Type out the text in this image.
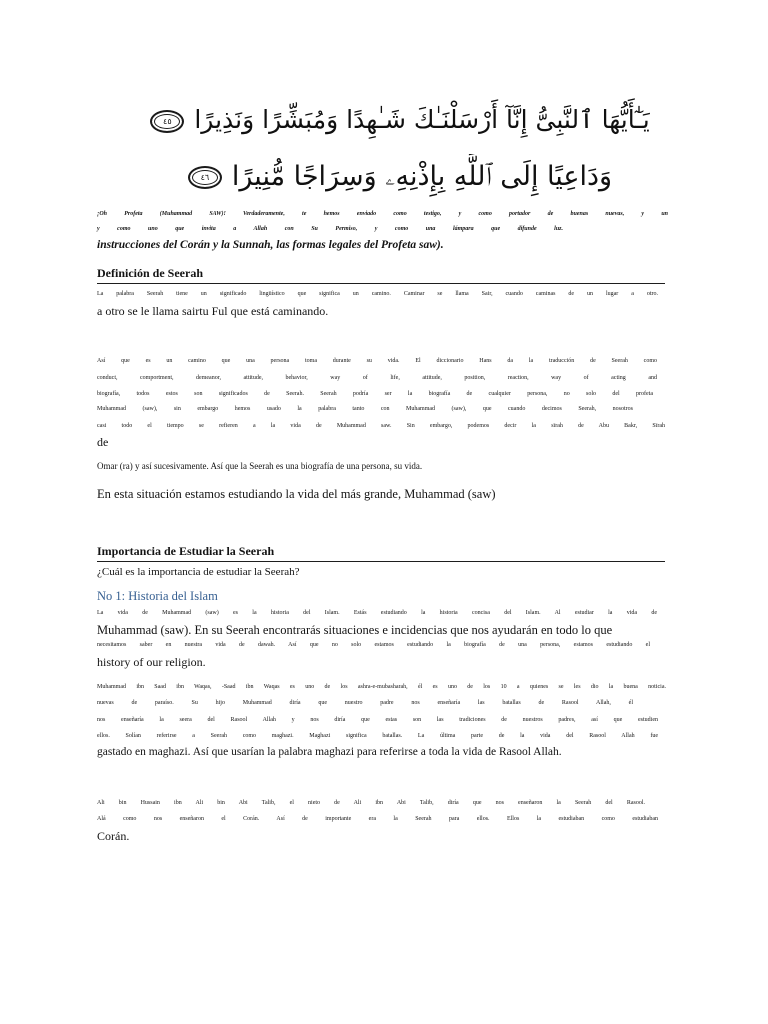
يَـٰٓأَيُّهَا ٱلنَّبِىُّ إِنَّآ أَرْسَلْنَـٰكَ شَـٰهِدًا وَمُبَشِّرًا وَنَذِيرًا٤٥
وَدَاعِيًا إِلَى ٱللَّهِ بِإِذْنِهِۦ وَسِرَاجًا مُّنِيرًا٤٦
¡Oh Profeta (Muhammad SAW)! Verdaderamente, te hemos enviado como testigo, y como portador de buenas nuevas, y un
y como uno que invita a Allah con Su Permiso, y como una lámpara que difunde luz.
instrucciones del Corán y la Sunnah, las formas legales del Profeta saw).
Definición de Seerah
La palabra Seerah tiene un significado lingüístico que significa un camino. Caminar se llama Sair, cuando caminas de un lugar a otro.
a otro se le llama sairtu Ful que está caminando.
Así que es un camino que una persona toma durante su vida. El diccionario Hans da la traducción de Seerah como
conduct, comportment, demeanor, attitude, behavior, way of life, attitude, position, reaction, way of acting and
biografía, todos estos son significados de Seerah. Seerah podría ser la biografía de cualquier persona, no solo del profeta
Muhammad (saw), sin embargo hemos usado la palabra tanto con Muhammad (saw), que cuando decimos Seerah, nosotros
casi todo el tiempo se refieren a la vida de Muhammad saw. Sin embargo, podemos decir la sīrah de Abu Bakr, Sīrah
de
Omar (ra) y así sucesivamente. Así que la Seerah es una biografía de una persona, su vida.
En esta situación estamos estudiando la vida del más grande, Muhammad (saw)
Importancia de Estudiar la Seerah
¿Cuál es la importancia de estudiar la Seerah?
No 1: Historia del Islam
La vida de Muhammad (saw) es la historia del Islam. Estás estudiando la historia concisa del Islam. Al estudiar la vida de
Muhammad (saw). En su Seerah encontrarás situaciones e incidencias que nos ayudarán en todo lo que
necesitamos saber en nuestra vida de dawah. Así que no solo estamos estudiando la biografía de una persona, estamos estudiando el
history of our religion.
Muhammad ibn Saad ibn Waqas, -Saad ibn Waqas es uno de los ashra-e-mubasharah, él es uno de los 10 a quienes se les dio la buena noticia.
nuevas de paraíso. Su hijo Muhammad diría que nuestro padre nos enseñaría las batallas de Rasool Allah, él
nos enseñaría la seera del Rasool Allah y nos diría que estas son las tradiciones de nuestros padres, así que estudien
ellos. Solían referirse a Seerah como maghazi. Maghazi significa batallas. La última parte de la vida del Rasool Allah fue
gastado en maghazi. Así que usarían la palabra maghazi para referirse a toda la vida de Rasool Allah.
Ali bin Hussain ibn Ali bin Abi Talib, el nieto de Ali ibn Abi Talib, diría que nos enseñaron la Seerah del Rasool.
Alá como nos enseñaron el Corán. Así de importante era la Seerah para ellos. Ellos la estudiaban como estudiaban
Corán.
